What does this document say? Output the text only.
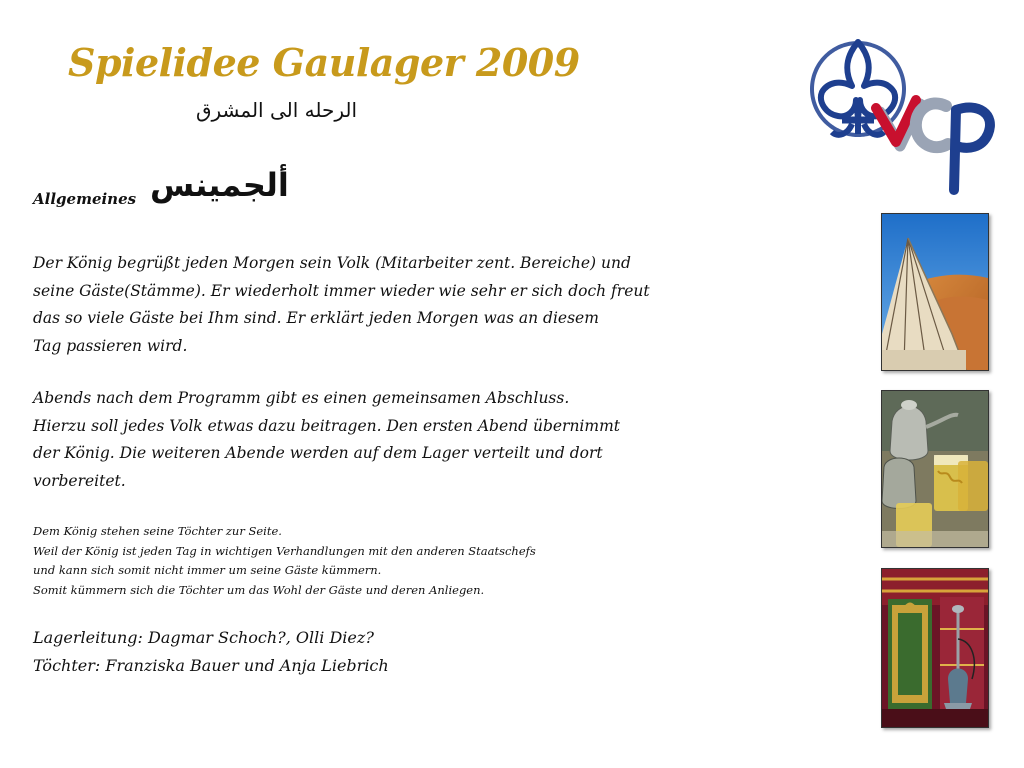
Spielidee Gaulager 2009
الرحله الى المشرق
Allgemeines ألجمينس

Der König begrüßt jeden Morgen sein Volk (Mitarbeiter zent. Bereiche) und
seine Gäste(Stämme). Er wiederholt immer wieder wie sehr er sich doch freut
das so viele Gäste bei Ihm sind. Er erklärt jeden Morgen was an diesem
Tag passieren wird.

Abends nach dem Programm gibt es einen gemeinsamen Abschluss.
Hierzu soll jedes Volk etwas dazu beitragen. Den ersten Abend übernimmt
der König. Die weiteren Abende werden auf dem Lager verteilt und dort
vorbereitet.

Dem König stehen seine Töchter zur Seite.
Weil der König ist jeden Tag in wichtigen Verhandlungen mit den anderen Staatschefs
und kann sich somit nicht immer um seine Gäste kümmern.
Somit kümmern sich die Töchter um das Wohl der Gäste und deren Anliegen.

Lagerleitung: Dagmar Schoch?, Olli Diez?
Töchter: Franziska Bauer und Anja Liebrich
